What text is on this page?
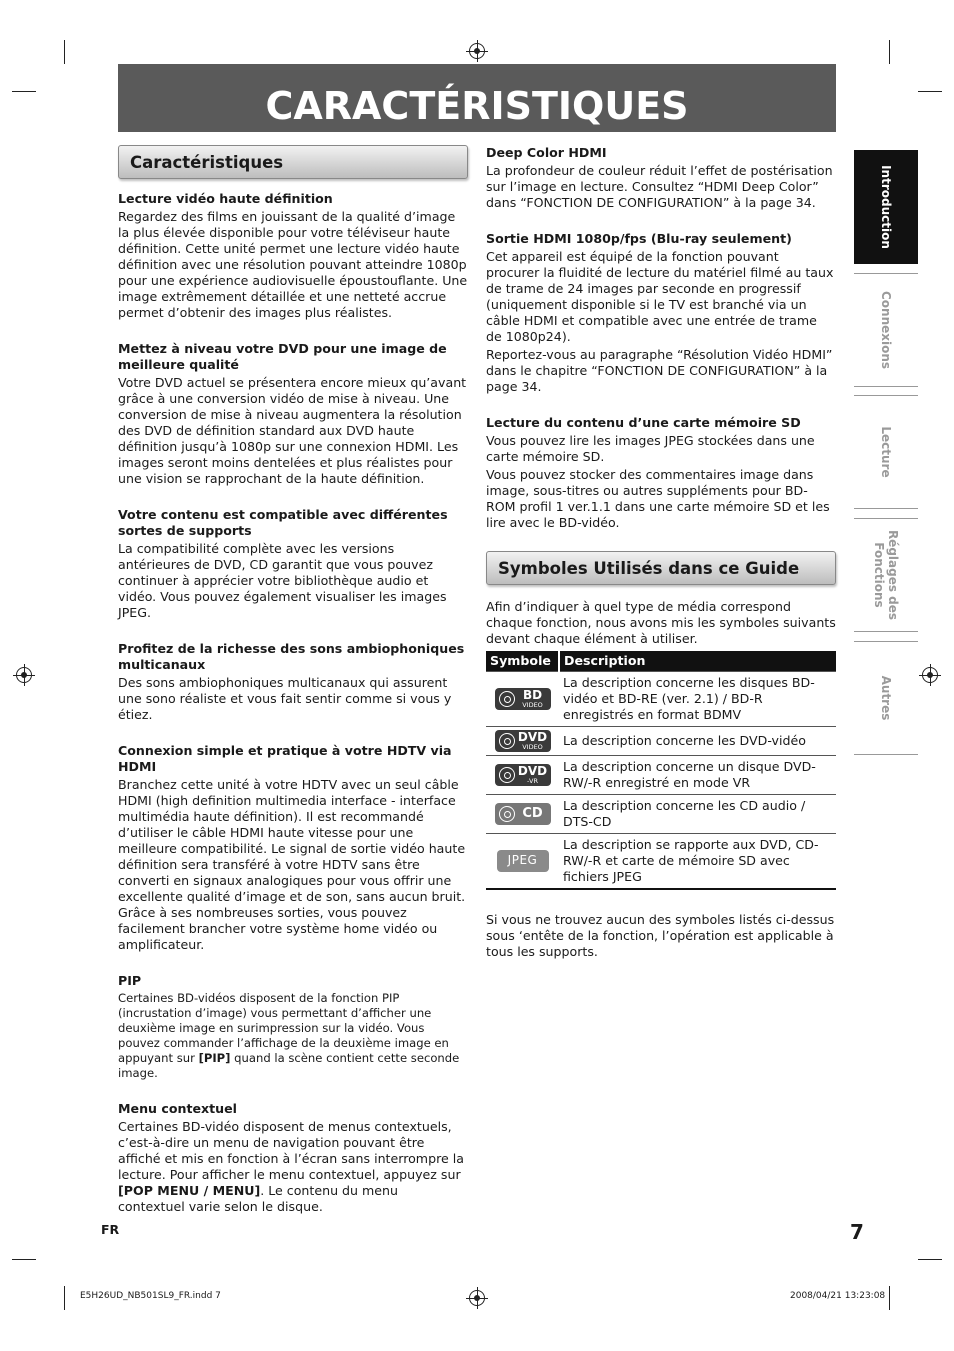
CARACTÉRISTIQUES
Caractéristiques
Lecture vidéo haute définition

Regardez des films en jouissant de la qualité d’image la plus élevée disponible pour votre téléviseur haute définition. Cette unité permet une lecture vidéo haute définition avec une résolution pouvant atteindre 1080p pour une expérience audiovisuelle époustouflante. Une image extrêmement détaillée et une netteté accrue permet d’obtenir des images plus réalistes.

Mettez à niveau votre DVD pour une image de meilleure qualité

Votre DVD actuel se présentera encore mieux qu’avant grâce à une conversion vidéo de mise à niveau. Une conversion de mise à niveau augmentera la résolution des DVD de définition standard aux DVD haute définition jusqu’à 1080p sur une connexion HDMI. Les images seront moins dentelées et plus réalistes pour une vision se rapprochant de la haute définition.

Votre contenu est compatible avec différentes sortes de supports

La compatibilité complète avec les versions antérieures de DVD, CD garantit que vous pouvez continuer à apprécier votre bibliothèque audio et vidéo. Vous pouvez également visualiser les images JPEG.

Profitez de la richesse des sons ambiophoniques multicanaux

Des sons ambiophoniques multicanaux qui assurent une sono réaliste et vous fait sentir comme si vous y étiez.

Connexion simple et pratique à votre HDTV via HDMI

Branchez cette unité à votre HDTV avec un seul câble HDMI (high definition multimedia interface - interface multimédia haute définition). Il est recommandé d’utiliser le câble HDMI haute vitesse pour une meilleure compatibilité. Le signal de sortie vidéo haute définition sera transféré à votre HDTV sans être converti en signaux analogiques pour vous offrir une excellente qualité d’image et de son, sans aucun bruit. Grâce à ses nombreuses sorties, vous pouvez facilement brancher votre système home vidéo ou amplificateur.

PIP

Certaines BD-vidéos disposent de la fonction PIP (incrustation d’image) vous permettant d’afficher une deuxième image en surimpression sur la vidéo. Vous pouvez commander l’affichage de la deuxième image en appuyant sur [PIP] quand la scène contient cette seconde image.

Menu contextuel

Certaines BD-vidéo disposent de menus contextuels, c’est-à-dire un menu de navigation pouvant être affiché et mis en fonction à l’écran sans interrompre la lecture. Pour afficher le menu contextuel, appuyez sur [POP MENU / MENU]. Le contenu du menu contextuel varie selon le disque.

Deep Color HDMI

La profondeur de couleur réduit l’effet de postérisation sur l’image en lecture. Consultez “HDMI Deep Color” dans “FONCTION DE CONFIGURATION” à la page 34.

Sortie HDMI 1080p/fps (Blu-ray seulement)

Cet appareil est équipé de la fonction pouvant procurer la fluidité de lecture du matériel filmé au taux de trame de 24 images par seconde en progressif (uniquement disponible si le TV est branché via un câble HDMI et compatible avec une entrée de trame de 1080p24).

Reportez-vous au paragraphe “Résolution Vidéo HDMI” dans le chapitre “FONCTION DE CONFIGURATION” à la page 34.

Lecture du contenu d’une carte mémoire SD

Vous pouvez lire les images JPEG stockées dans une carte mémoire SD.

Vous pouvez stocker des commentaires image dans image, sous-titres ou autres suppléments pour BD-ROM profil 1 ver.1.1 dans une carte mémoire SD et les lire avec le BD-vidéo.

Symboles Utilisés dans ce Guide

Afin d’indiquer à quel type de média correspond chaque fonction, nous avons mis les symboles suivants devant chaque élément à utiliser.

Symbole	Description

BD
VIDEO	La description concerne les disques BD-vidéo et BD-RE (ver. 2.1) / BD-R enregistrés en format BDMV

DVD
VIDEO	La description concerne les DVD-vidéo

DVD
-VR	La description concerne un disque DVD-RW/-R enregistré en mode VR

CD	La description concerne les CD audio / DTS-CD

JPEG	La description se rapporte aux DVD, CD-RW/-R et carte de mémoire SD avec fichiers JPEG

Si vous ne trouvez aucun des symboles listés ci-dessus sous ‘entête de la fonction, l’opération est applicable à tous les supports.

Introduction
Connexions
Lecture
Réglages des Fonctions
Autres
FR	7
E5H26UD_NB501SL9_FR.indd 7	2008/04/21 13:23:08
